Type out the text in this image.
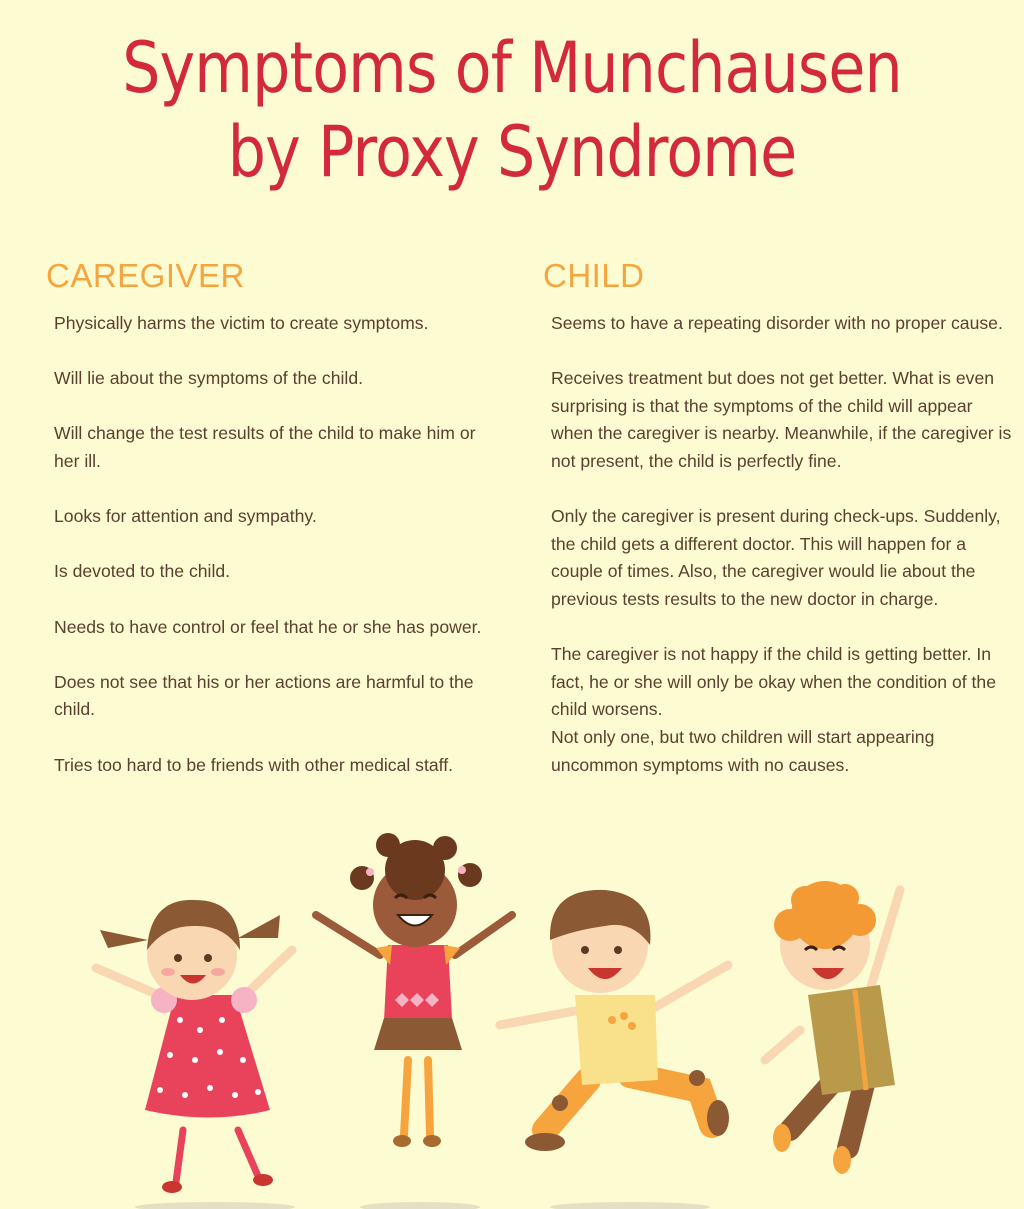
Symptoms of Munchausen
by Proxy Syndrome
CAREGIVER

Physically harms the victim to create symptoms.

Will lie about the symptoms of the child.

Will change the test results of the child to make him or her ill.

Looks for attention and sympathy.

Is devoted to the child.

Needs to have control or feel that he or she has power.

Does not see that his or her actions are harmful to the child.

Tries too hard to be friends with other medical staff.

CHILD

Seems to have a repeating disorder with no proper cause.

Receives treatment but does not get better. What is even surprising is that the symptoms of the child will appear when the caregiver is nearby. Meanwhile, if the caregiver is not present, the child is perfectly fine.

Only the caregiver is present during check-ups. Suddenly, the child gets a different doctor. This will happen for a couple of times. Also, the caregiver would lie about the previous tests results to the new doctor in charge.

The caregiver is not happy if the child is getting better. In fact, he or she will only be okay when the condition of the child worsens.

Not only one, but two children will start appearing uncommon symptoms with no causes.
